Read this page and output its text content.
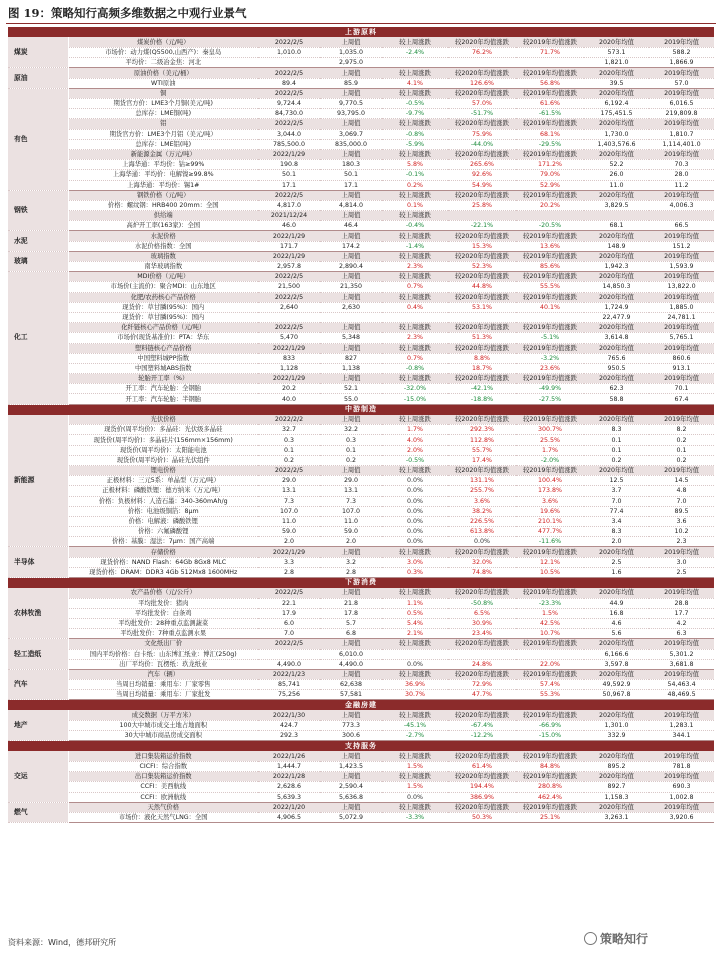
图 19：策略知行高频多维数据之中观行业景气
上游原料								
煤炭	煤炭价格（元/吨）	2022/2/5	上周值	较上周涨跌	较2020年均值涨跌	较2019年均值涨跌	2020年均值	2019年均值
	市场价：动力煤(Q5500,山西产)：秦皇岛	1,010.0	1,035.0	-2.4%	76.2%	71.7%	573.1	588.2
	平均价：二级冶金焦：河北		2,975.0				1,821.0	1,866.9
原油	原油价格（美元/桶）	2022/2/5	上周值	较上周涨跌	较2020年均值涨跌	较2019年均值涨跌	2020年均值	2019年均值
	WTI原油	89.4	85.9	4.1%	126.6%	56.8%	39.5	57.0
有色	铜	2022/2/5	上周值	较上周涨跌	较2020年均值涨跌	较2019年均值涨跌	2020年均值	2019年均值
	期货官方价：LME3个月铜(美元/吨)	9,724.4	9,770.5	-0.5%	57.0%	61.6%	6,192.4	6,016.5
	总库存：LME铜(吨)	84,730.0	93,795.0	-9.7%	-51.7%	-61.5%	175,451.5	219,809.8
	铝	2022/2/5	上周值	较上周涨跌	较2020年均值涨跌	较2019年均值涨跌	2020年均值	2019年均值
	期货官方价：LME3个月铝（美元/吨）	3,044.0	3,069.7	-0.8%	75.9%	68.1%	1,730.0	1,810.7
	总库存：LME铝(吨)	785,500.0	835,000.0	-5.9%	-44.0%	-29.5%	1,403,576.6	1,114,401.0
	新能源金属（万元/吨）	2022/1/29	上周值	较上周涨跌	较2020年均值涨跌	较2019年均值涨跌	2020年均值	2019年均值
	上海华通：平均价：钴≥99%	190.8	180.3	5.8%	265.6%	171.2%	52.2	70.3
	上海华通：平均价：电解镍≥99.8%	50.1	50.1	-0.1%	92.6%	79.0%	26.0	28.0
	上海华通：平均价：锡1#	17.1	17.1	0.2%	54.9%	52.9%	11.0	11.2
钢铁	钢铁价格（元/吨）	2022/2/5	上周值	较上周涨跌	较2020年均值涨跌	较2019年均值涨跌	2020年均值	2019年均值
	价格：螺纹钢：HRB400 20mm：全国	4,817.0	4,814.0	0.1%	25.8%	20.2%	3,829.5	4,006.3
	供给端	2021/12/24	上周值	较上周涨跌				
	高炉开工率(163家)：全国	46.0	46.4	-0.4%	-22.1%	-20.5%	68.1	66.5
水泥	水泥价格	2022/1/29	上周值	较上周涨跌	较2020年均值涨跌	较2019年均值涨跌	2020年均值	2019年均值
	水泥价格指数：全国	171.7	174.2	-1.4%	15.3%	13.6%	148.9	151.2
玻璃	玻璃指数	2022/1/29	上周值	较上周涨跌	较2020年均值涨跌	较2019年均值涨跌	2020年均值	2019年均值
	南华玻璃指数	2,957.8	2,890.4	2.3%	52.3%	85.6%	1,942.3	1,593.9
化工	MDI价格（元/吨）	2022/2/5	上周值	较上周涨跌	较2020年均值涨跌	较2019年均值涨跌	2020年均值	2019年均值
	市场价(主流价)：聚合MDI：山东地区	21,500	21,350	0.7%	44.8%	55.5%	14,850.3	13,822.0
	化肥/农药核心产品价格	2022/2/5	上周值	较上周涨跌	较2020年均值涨跌	较2019年均值涨跌	2020年均值	2019年均值
	现货价：草甘膦(95%)：国内	2,640	2,630	0.4%	53.1%	40.1%	1,724.9	1,885.0
	现货价：草甘膦(95%)：国内						22,477.9	24,781.1
	化纤链核心产品价格（元/吨）	2022/2/5	上周值	较上周涨跌	较2020年均值涨跌	较2019年均值涨跌	2020年均值	2019年均值
	市场价(现货基准价)：PTA：华东	5,470	5,348	2.3%	51.3%	-5.1%	3,614.8	5,765.1
	塑料链核心产品价格	2022/1/29	上周值	较上周涨跌	较2020年均值涨跌	较2019年均值涨跌	2020年均值	2019年均值
	中国塑料城PP指数	833	827	0.7%	8.8%	-3.2%	765.6	860.6
	中国塑料城ABS指数	1,128	1,138	-0.8%	18.7%	23.6%	950.5	913.1
	轮胎开工率（%）	2022/1/29	上周值	较上周涨跌	较2020年均值涨跌	较2019年均值涨跌	2020年均值	2019年均值
	开工率：汽车轮胎：全钢胎	20.2	52.1	-32.0%	-42.1%	-49.9%	62.3	70.1
	开工率：汽车轮胎：半钢胎	40.0	55.0	-15.0%	-18.8%	-27.5%	58.8	67.4
中游制造								
新能源	光伏价格	2022/2/2	上周值	较上周涨跌	较2020年均值涨跌	较2019年均值涨跌	2020年均值	2019年均值
	现货价(周平均价)：多晶硅：光伏级多晶硅	32.7	32.2	1.7%	292.3%	300.7%	8.3	8.2
	现货价(周平均价)：多晶硅片(156mm×156mm)	0.3	0.3	4.0%	112.8%	25.5%	0.1	0.2
	现货价(周平均价)：太阳能电池	0.1	0.1	2.0%	55.7%	1.7%	0.1	0.1
	现货价(周平均价)：晶硅光伏组件	0.2	0.2	-0.5%	17.4%	-2.0%	0.2	0.2
	锂电价格	2022/2/5	上周值	较上周涨跌	较2020年均值涨跌	较2019年均值涨跌	2020年均值	2019年均值
	正极材料：三元5系：单晶型（万元/吨）	29.0	29.0	0.0%	131.1%	100.4%	12.5	14.5
	正极材料：磷酸铁锂：德方纳米（万元/吨）	13.1	13.1	0.0%	255.7%	173.8%	3.7	4.8
	价格：负极材料：人造石墨：340-360mAh/g	7.3	7.3	0.0%	3.6%	3.6%	7.0	7.0
	价格：电池级铜箔：8μm	107.0	107.0	0.0%	38.2%	19.6%	77.4	89.5
	价格：电解液：磷酸铁锂	11.0	11.0	0.0%	226.5%	210.1%	3.4	3.6
	价格：六氟磷酸锂	59.0	59.0	0.0%	613.8%	477.7%	8.3	10.2
	价格：基膜：湿法：7μm：国产高端	2.0	2.0	0.0%	0.0%	-11.6%	2.0	2.3
半导体	存储价格	2022/1/29	上周值	较上周涨跌	较2020年均值涨跌	较2019年均值涨跌	2020年均值	2019年均值
	现货价格：NAND Flash：64Gb 8Gx8 MLC	3.3	3.2	3.0%	32.0%	12.1%	2.5	3.0
	现货价格：DRAM：DDR3 4Gb 512Mx8 1600MHz	2.8	2.8	0.3%	74.8%	10.5%	1.6	2.5
下游消费								
农林牧渔	农产品价格（元/公斤）	2022/2/5	上周值	较上周涨跌	较2020年均值涨跌	较2019年均值涨跌	2020年均值	2019年均值
	平均批发价：猪肉	22.1	21.8	1.1%	-50.8%	-23.3%	44.9	28.8
	平均批发价：白条鸡	17.9	17.8	0.5%	6.5%	1.5%	16.8	17.7
	平均批发价：28种重点监测蔬菜	6.0	5.7	5.4%	30.9%	42.5%	4.6	4.2
	平均批发价：7种重点监测水果	7.0	6.8	2.1%	23.4%	10.7%	5.6	6.3
轻工造纸	文化纸出厂价	2022/2/5	上周值	较上周涨跌	较2020年均值涨跌	较2019年均值涨跌	2020年均值	2019年均值
	国内平均价格：白卡纸：山东博汇纸业：博汇(250g)		6,010.0				6,166.6	5,301.2
	出厂平均价：瓦楞纸：玖龙纸业	4,490.0	4,490.0	0.0%	24.8%	22.0%	3,597.8	3,681.8
汽车	汽车（辆）	2022/1/23	上周值	较上周涨跌	较2020年均值涨跌	较2019年均值涨跌	2020年均值	2019年均值
	当周日均销量：乘用车：厂家零售	85,741	62,638	36.9%	72.9%	57.4%	49,592.9	54,463.4
	当周日均销量：乘用车：厂家批发	75,256	57,581	30.7%	47.7%	55.3%	50,967.8	48,469.5
金融房建								
地产	成交数据（万平方米）	2022/1/30	上周值	较上周涨跌	较2020年均值涨跌	较2019年均值涨跌	2020年均值	2019年均值
	100大中城市成交土地占地面积	424.7	773.3	-45.1%	-67.4%	-66.9%	1,301.0	1,283.1
	30大中城市商品房成交面积	292.3	300.6	-2.7%	-12.2%	-15.0%	332.9	344.1
支持服务								
交运	进口集装箱运价指数	2022/1/26	上周值	较上周涨跌	较2020年均值涨跌	较2019年均值涨跌	2020年均值	2019年均值
	CICFI：综合指数	1,444.7	1,423.5	1.5%	61.4%	84.8%	895.2	781.8
	出口集装箱运价指数	2022/1/28	上周值	较上周涨跌	较2020年均值涨跌	较2019年均值涨跌	2020年均值	2019年均值
	CCFI：美西航线	2,628.6	2,590.4	1.5%	194.4%	280.8%	892.7	690.3
	CCFI：欧洲航线	5,639.3	5,636.8	0.0%	386.9%	462.4%	1,158.3	1,002.8
燃气	天然气价格	2022/1/20	上周值	较上周涨跌	较2020年均值涨跌	较2019年均值涨跌	2020年均值	2019年均值
	市场价：液化天然气LNG：全国	4,906.5	5,072.9	-3.3%	50.3%	25.1%	3,263.1	3,920.6
资料来源：Wind，德邦研究所	策略知行
